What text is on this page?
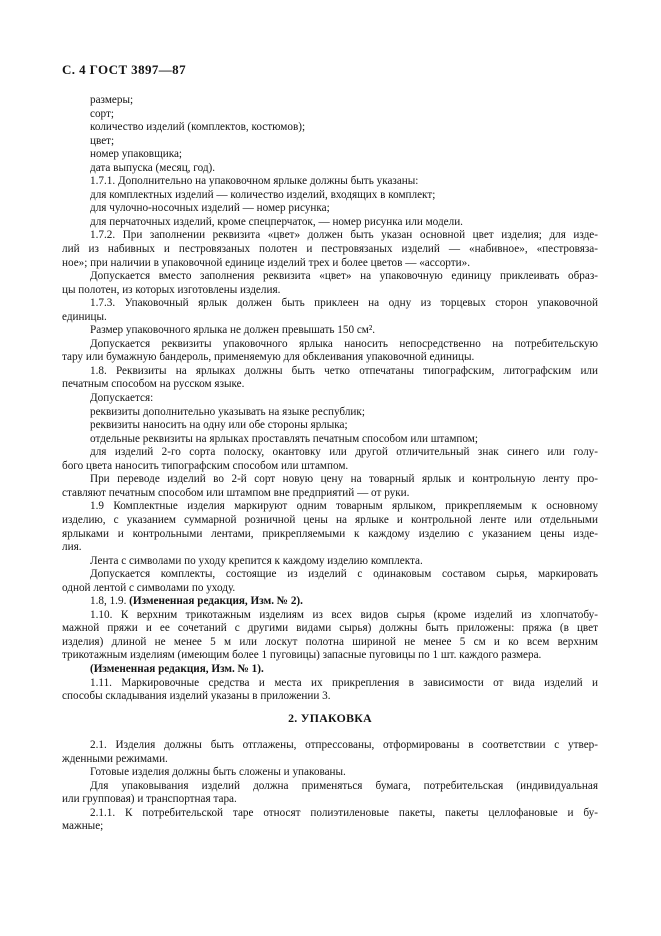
С. 4 ГОСТ 3897—87
размеры;
сорт;
количество изделий (комплектов, костюмов);
цвет;
номер упаковщика;
дата выпуска (месяц, год).
1.7.1. Дополнительно на упаковочном ярлыке должны быть указаны:
для комплектных изделий — количество изделий, входящих в комплект;
для чулочно-носочных изделий — номер рисунка;
для перчаточных изделий, кроме спецперчаток, — номер рисунка или модели.
1.7.2. При заполнении реквизита «цвет» должен быть указан основной цвет изделия; для изде-
лий из набивных и пестровязаных полотен и пестровязаных изделий — «набивное», «пестровяза-
ное»; при наличии в упаковочной единице изделий трех и более цветов — «ассорти».
Допускается вместо заполнения реквизита «цвет» на упаковочную единицу приклеивать образ-
цы полотен, из которых изготовлены изделия.
1.7.3. Упаковочный ярлык должен быть приклеен на одну из торцевых сторон упаковочной
единицы.
Размер упаковочного ярлыка не должен превышать 150 см².
Допускается реквизиты упаковочного ярлыка наносить непосредственно на потребительскую
тару или бумажную бандероль, применяемую для обклеивания упаковочной единицы.
1.8. Реквизиты на ярлыках должны быть четко отпечатаны типографским, литографским или
печатным способом на русском языке.
Допускается:
реквизиты дополнительно указывать на языке республик;
реквизиты наносить на одну или обе стороны ярлыка;
отдельные реквизиты на ярлыках проставлять печатным способом или штампом;
для изделий 2-го сорта полоску, окантовку или другой отличительный знак синего или голу-
бого цвета наносить типографским способом или штампом.
При переводе изделий во 2-й сорт новую цену на товарный ярлык и контрольную ленту про-
ставляют печатным способом или штампом вне предприятий — от руки.
1.9 Комплектные изделия маркируют одним товарным ярлыком, прикрепляемым к основному
изделию, с указанием суммарной розничной цены на ярлыке и контрольной ленте или отдельными
ярлыками и контрольными лентами, прикрепляемыми к каждому изделию с указанием цены изде-
лия.
Лента с символами по уходу крепится к каждому изделию комплекта.
Допускается комплекты, состоящие из изделий с одинаковым составом сырья, маркировать
одной лентой с символами по уходу.
1.8, 1.9. (Измененная редакция, Изм. № 2).
1.10. К верхним трикотажным изделиям из всех видов сырья (кроме изделий из хлопчатобу-
мажной пряжи и ее сочетаний с другими видами сырья) должны быть приложены: пряжа (в цвет
изделия) длиной не менее 5 м или лоскут полотна шириной не менее 5 см и ко всем верхним
трикотажным изделиям (имеющим более 1 пуговицы) запасные пуговицы по 1 шт. каждого размера.
(Измененная редакция, Изм. № 1).
1.11. Маркировочные средства и места их прикрепления в зависимости от вида изделий и
способы складывания изделий указаны в приложении 3.
2. УПАКОВКА
2.1. Изделия должны быть отглажены, отпрессованы, отформированы в соответствии с утвер-
жденными режимами.
Готовые изделия должны быть сложены и упакованы.
Для упаковывания изделий должна применяться бумага, потребительская (индивидуальная
или групповая) и транспортная тара.
2.1.1. К потребительской таре относят полиэтиленовые пакеты, пакеты целлофановые и бу-
мажные;
